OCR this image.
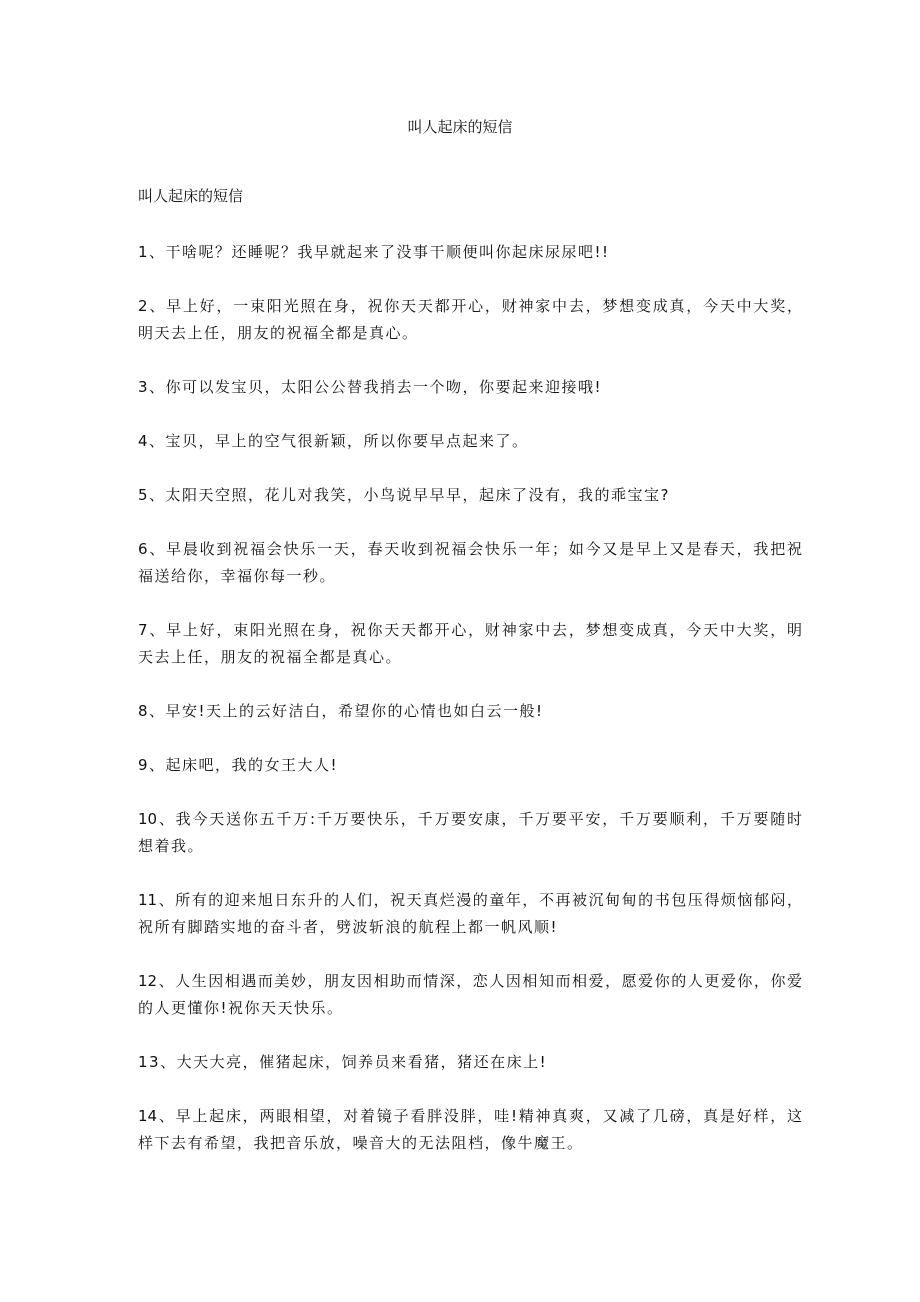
叫人起床的短信
叫人起床的短信
1、干啥呢？还睡呢？我早就起来了没事干顺便叫你起床尿尿吧!!
2、早上好，一束阳光照在身，祝你天天都开心，财神家中去，梦想变成真，今天中大奖，
明天去上任，朋友的祝福全都是真心。
3、你可以发宝贝，太阳公公替我捎去一个吻，你要起来迎接哦!
4、宝贝，早上的空气很新颖，所以你要早点起来了。
5、太阳天空照，花儿对我笑，小鸟说早早早，起床了没有，我的乖宝宝?
6、早晨收到祝福会快乐一天，春天收到祝福会快乐一年；如今又是早上又是春天，我把祝
福送给你，幸福你每一秒。
7、早上好，束阳光照在身，祝你天天都开心，财神家中去，梦想变成真，今天中大奖，明
天去上任，朋友的祝福全都是真心。
8、早安!天上的云好洁白，希望你的心情也如白云一般!
9、起床吧，我的女王大人!
10、我今天送你五千万:千万要快乐，千万要安康，千万要平安，千万要顺利，千万要随时
想着我。
11、所有的迎来旭日东升的人们，祝天真烂漫的童年，不再被沉甸甸的书包压得烦恼郁闷，
祝所有脚踏实地的奋斗者，劈波斩浪的航程上都一帆风顺!
12、人生因相遇而美妙，朋友因相助而情深，恋人因相知而相爱，愿爱你的人更爱你，你爱
的人更懂你!祝你天天快乐。
13、大天大亮，催猪起床，饲养员来看猪，猪还在床上!
14、早上起床，两眼相望，对着镜子看胖没胖，哇!精神真爽，又减了几磅，真是好样，这
样下去有希望，我把音乐放，噪音大的无法阻档，像牛魔王。
